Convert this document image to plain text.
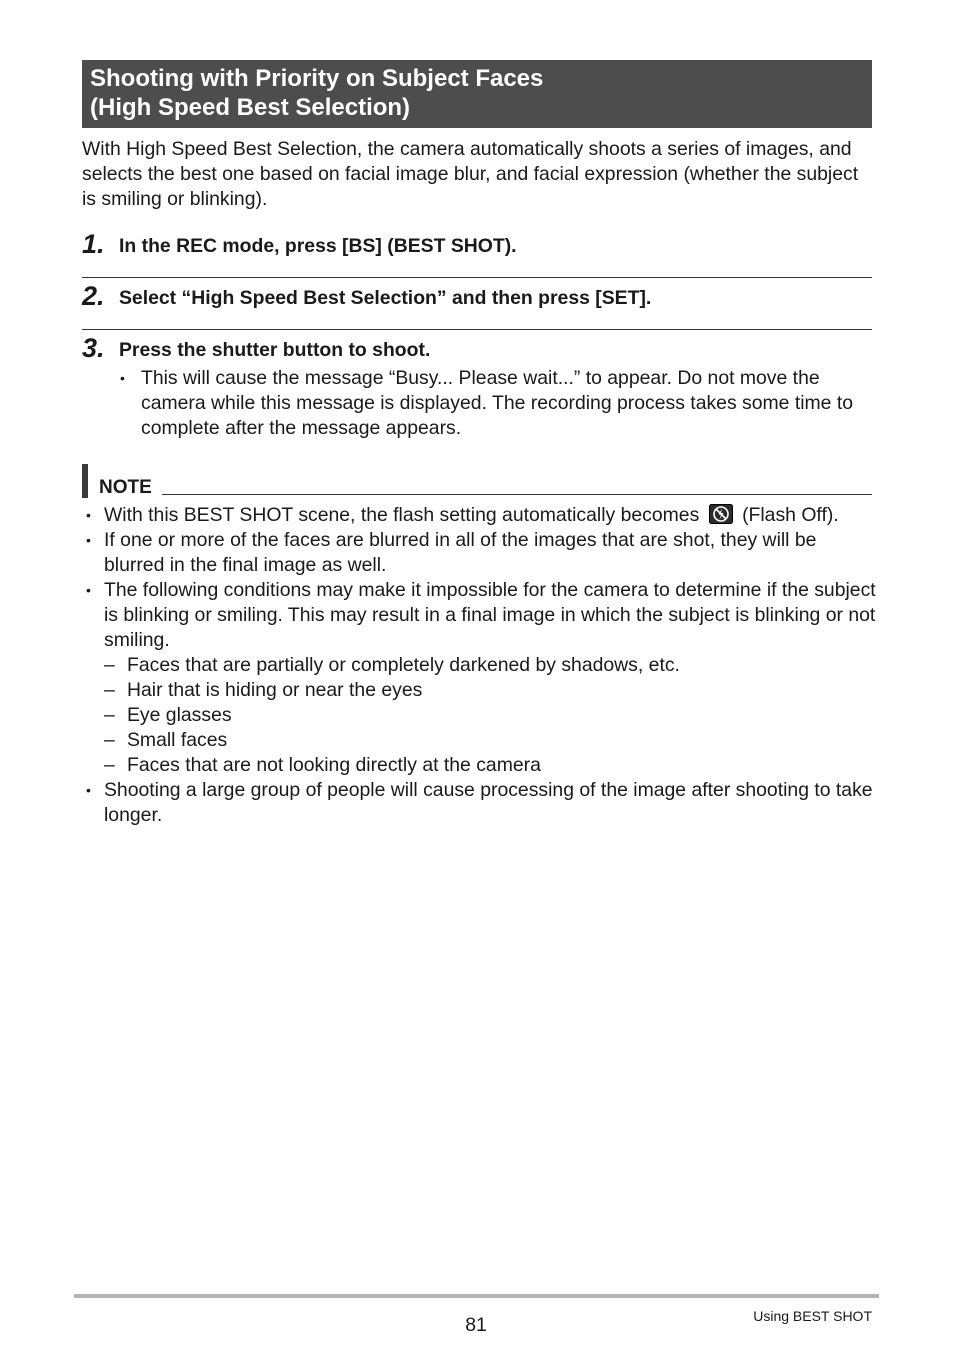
Shooting with Priority on Subject Faces
(High Speed Best Selection)

With High Speed Best Selection, the camera automatically shoots a series of images, and selects the best one based on facial image blur, and facial expression (whether the subject is smiling or blinking).

1. In the REC mode, press [BS] (BEST SHOT).
2. Select “High Speed Best Selection” and then press [SET].
3. Press the shutter button to shoot.
• This will cause the message “Busy... Please wait...” to appear. Do not move the camera while this message is displayed. The recording process takes some time to complete after the message appears.
NOTE
• With this BEST SHOT scene, the flash setting automatically becomes (Flash Off).
• If one or more of the faces are blurred in all of the images that are shot, they will be blurred in the final image as well.
• The following conditions may make it impossible for the camera to determine if the subject is blinking or smiling. This may result in a final image in which the subject is blinking or not smiling.
– Faces that are partially or completely darkened by shadows, etc.
– Hair that is hiding or near the eyes
– Eye glasses
– Small faces
– Faces that are not looking directly at the camera
• Shooting a large group of people will cause processing of the image after shooting to take longer.
81	Using BEST SHOT
